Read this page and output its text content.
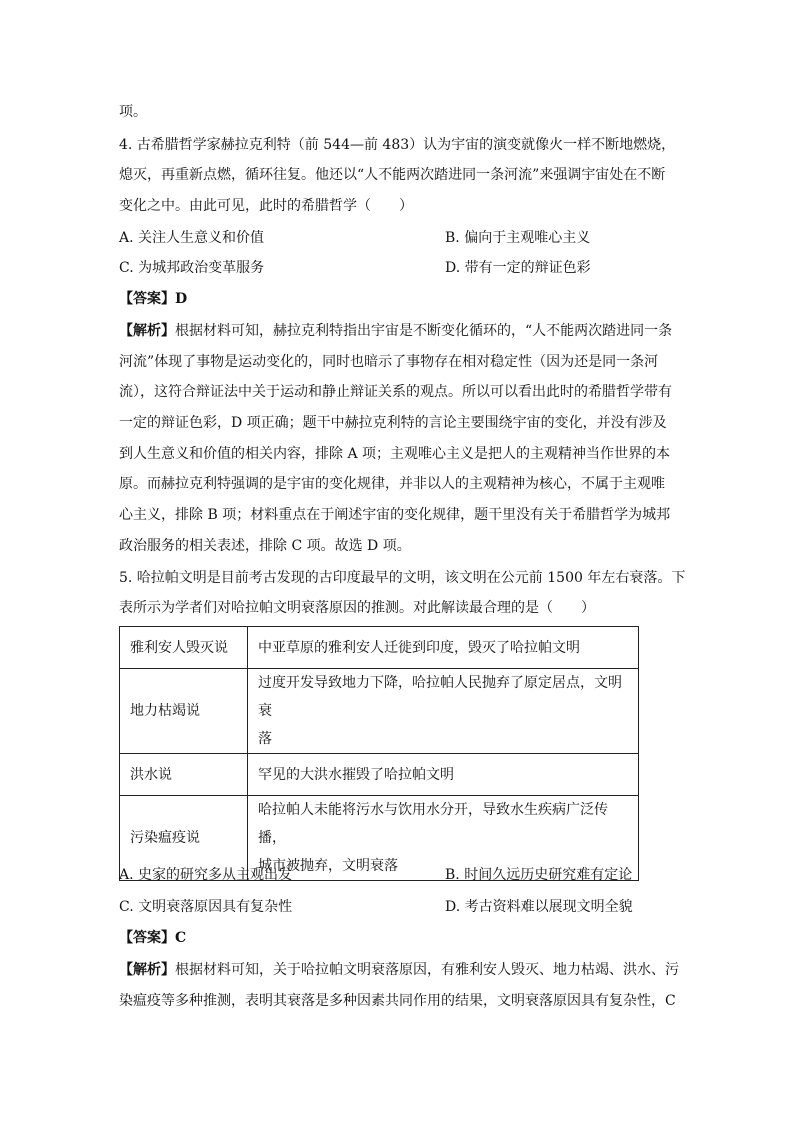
项。
4. 古希腊哲学家赫拉克利特（前 544—前 483）认为宇宙的演变就像火一样不断地燃烧，
熄灭，再重新点燃，循环往复。他还以“人不能两次踏进同一条河流”来强调宇宙处在不断
变化之中。由此可见，此时的希腊哲学（　　）
A. 关注人生意义和价值	B. 偏向于主观唯心主义
C. 为城邦政治变革服务	D. 带有一定的辩证色彩
【答案】D
【解析】根据材料可知，赫拉克利特指出宇宙是不断变化循环的，“人不能两次踏进同一条
河流”体现了事物是运动变化的，同时也暗示了事物存在相对稳定性（因为还是同一条河
流），这符合辩证法中关于运动和静止辩证关系的观点。所以可以看出此时的希腊哲学带有
一定的辩证色彩，D 项正确；题干中赫拉克利特的言论主要围绕宇宙的变化，并没有涉及
到人生意义和价值的相关内容，排除 A 项；主观唯心主义是把人的主观精神当作世界的本
原。而赫拉克利特强调的是宇宙的变化规律，并非以人的主观精神为核心，不属于主观唯
心主义，排除 B 项；材料重点在于阐述宇宙的变化规律，题干里没有关于希腊哲学为城邦
政治服务的相关表述，排除 C 项。故选 D 项。
5. 哈拉帕文明是目前考古发现的古印度最早的文明，该文明在公元前 1500 年左右衰落。下
表所示为学者们对哈拉帕文明衰落原因的推测。对此解读最合理的是（　　）
雅利安人毁灭说	中亚草原的雅利安人迁徙到印度，毁灭了哈拉帕文明
地力枯竭说	过度开发导致地力下降，哈拉帕人民抛弃了原定居点，文明衰
落

洪水说	罕见的大洪水摧毁了哈拉帕文明
污染瘟疫说	哈拉帕人未能将污水与饮用水分开，导致水生疾病广泛传播，
城市被抛弃，文明衰落
A. 史家的研究多从主观出发	B. 时间久远历史研究难有定论
C. 文明衰落原因具有复杂性	D. 考古资料难以展现文明全貌
【答案】C
【解析】根据材料可知，关于哈拉帕文明衰落原因，有雅利安人毁灭、地力枯竭、洪水、污
染瘟疫等多种推测，表明其衰落是多种因素共同作用的结果，文明衰落原因具有复杂性，C
